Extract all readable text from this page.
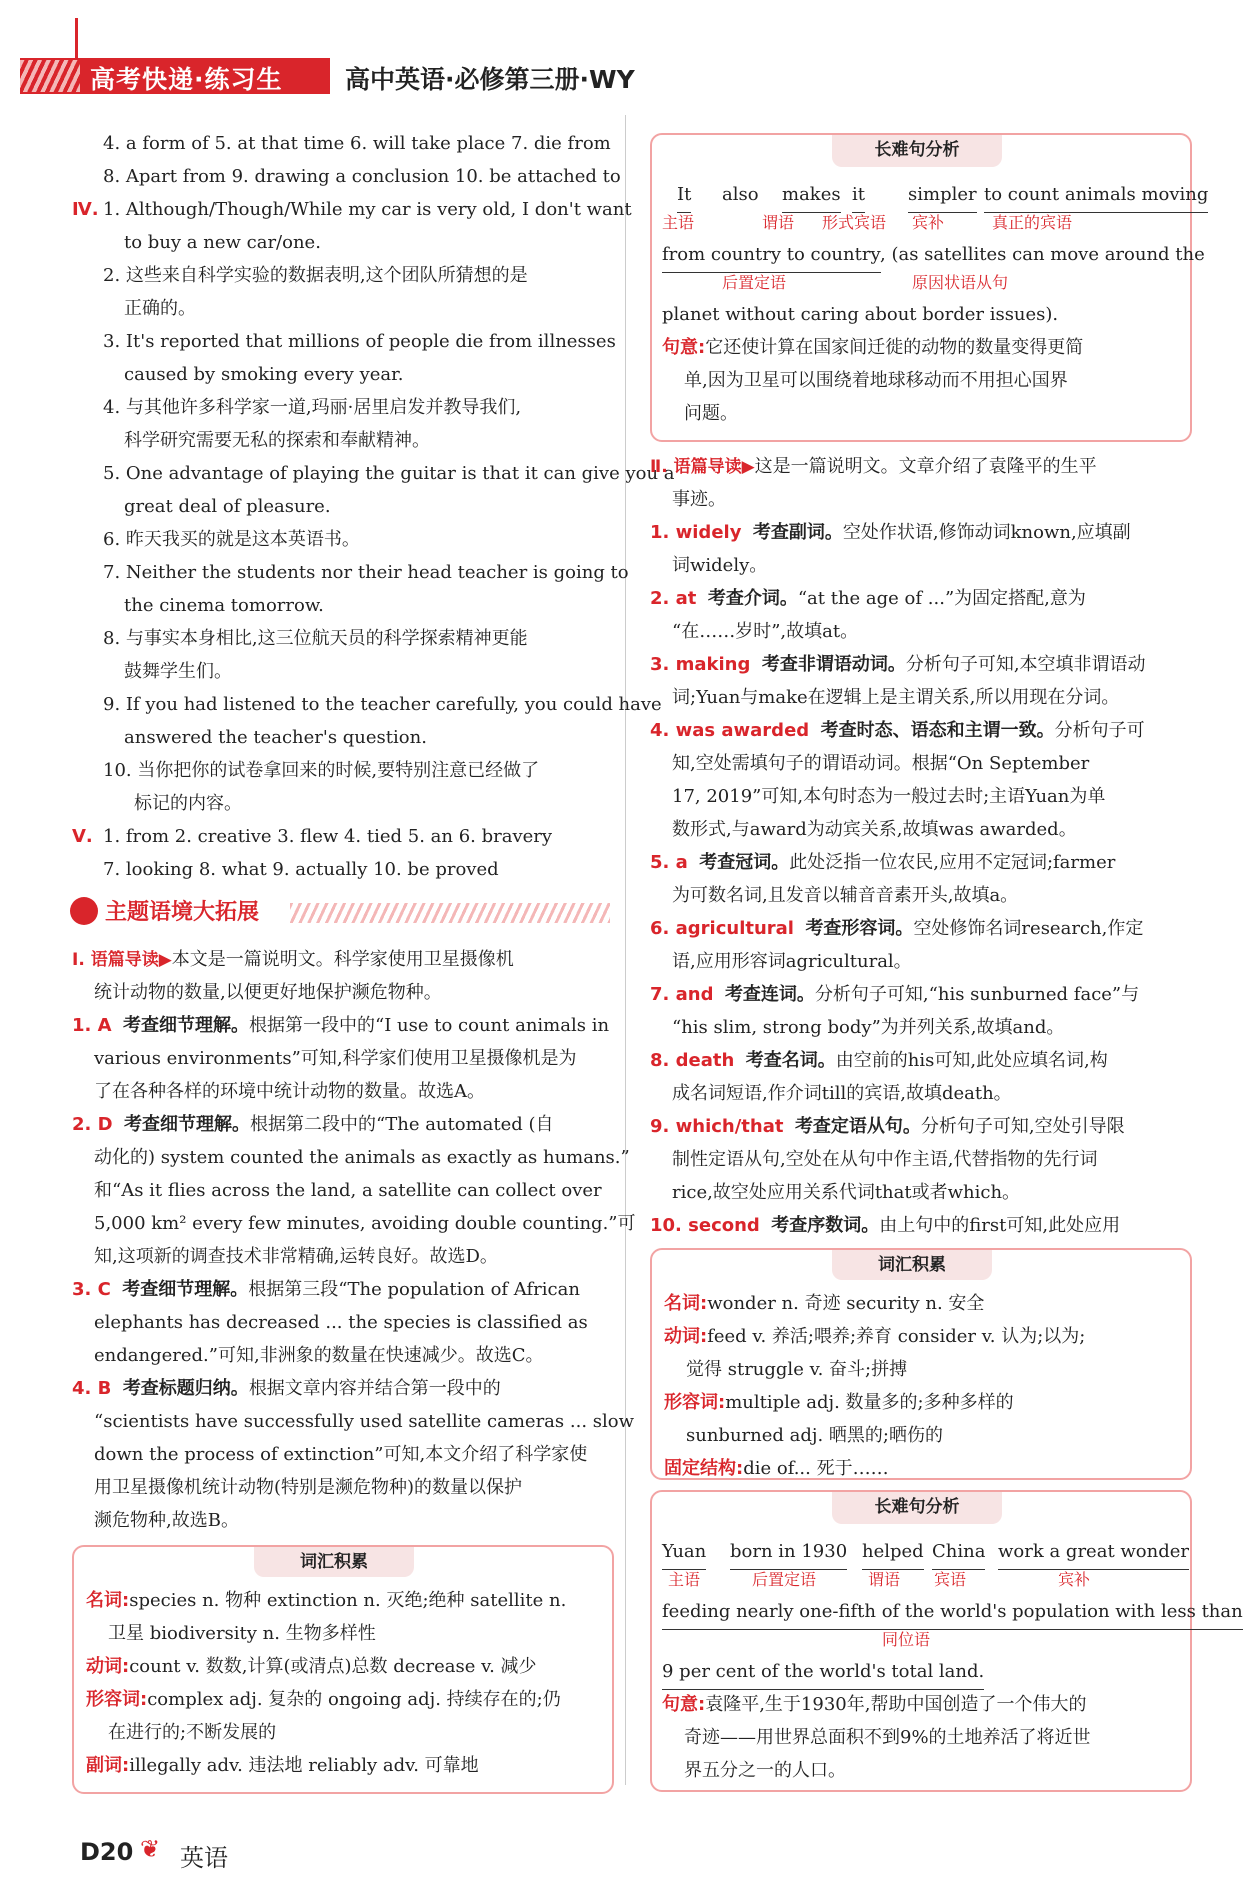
高考快递·练习生	高中英语·必修第三册·WY
4. a form of 5. at that time 6. will take place 7. die from
8. Apart from 9. drawing a conclusion 10. be attached to
Ⅳ. 1. Although/Though/While my car is very old, I don't want
to buy a new car/one.
2. 这些来自科学实验的数据表明,这个团队所猜想的是
正确的。
3. It's reported that millions of people die from illnesses
caused by smoking every year.
4. 与其他许多科学家一道,玛丽·居里启发并教导我们,
科学研究需要无私的探索和奉献精神。
5. One advantage of playing the guitar is that it can give you a
great deal of pleasure.
6. 昨天我买的就是这本英语书。
7. Neither the students nor their head teacher is going to
the cinema tomorrow.
8. 与事实本身相比,这三位航天员的科学探索精神更能
鼓舞学生们。
9. If you had listened to the teacher carefully, you could have
answered the teacher's question.
10. 当你把你的试卷拿回来的时候,要特别注意已经做了
标记的内容。
Ⅴ. 1. from 2. creative 3. flew 4. tied 5. an 6. bravery
7. looking 8. what 9. actually 10. be proved
主题语境大拓展
Ⅰ. 语篇导读▶本文是一篇说明文。科学家使用卫星摄像机
统计动物的数量,以便更好地保护濒危物种。
1. A 考查细节理解。根据第一段中的“I use to count animals in
various environments”可知,科学家们使用卫星摄像机是为
了在各种各样的环境中统计动物的数量。故选A。
2. D 考查细节理解。根据第二段中的“The automated (自
动化的) system counted the animals as exactly as humans.”
和“As it flies across the land, a satellite can collect over
5,000 km² every few minutes, avoiding double counting.”可
知,这项新的调查技术非常精确,运转良好。故选D。
3. C 考查细节理解。根据第三段“The population of African
elephants has decreased ... the species is classified as
endangered.”可知,非洲象的数量在快速减少。故选C。
4. B 考查标题归纳。根据文章内容并结合第一段中的
“scientists have successfully used satellite cameras ... slow
down the process of extinction”可知,本文介绍了科学家使
用卫星摄像机统计动物(特别是濒危物种)的数量以保护
濒危物种,故选B。
词汇积累
名词:species n. 物种 extinction n. 灭绝;绝种 satellite n.
卫星 biodiversity n. 生物多样性
动词:count v. 数数,计算(或清点)总数 decrease v. 减少
形容词:complex adj. 复杂的 ongoing adj. 持续存在的;仍
在进行的;不断发展的
副词:illegally adv. 违法地 reliably adv. 可靠地
长难句分析
It also makes it simpler to count animals moving
主语	谓语 形式宾语 宾补	真正的宾语
from country to country , (as satellites can move around the
后置定语	原因状语从句
planet without caring about border issues).
句意:它还使计算在国家间迁徙的动物的数量变得更简
单,因为卫星可以围绕着地球移动而不用担心国界
问题。
Ⅱ. 语篇导读▶这是一篇说明文。文章介绍了袁隆平的生平
事迹。
1. widely 考查副词。空处作状语,修饰动词known,应填副
词widely。
2. at 考查介词。“at the age of ...”为固定搭配,意为
“在……岁时”,故填at。
3. making 考查非谓语动词。分析句子可知,本空填非谓语动
词;Yuan与make在逻辑上是主谓关系,所以用现在分词。
4. was awarded 考查时态、语态和主谓一致。分析句子可
知,空处需填句子的谓语动词。根据“On September
17, 2019”可知,本句时态为一般过去时;主语Yuan为单
数形式,与award为动宾关系,故填was awarded。
5. a 考查冠词。此处泛指一位农民,应用不定冠词;farmer
为可数名词,且发音以辅音音素开头,故填a。
6. agricultural 考查形容词。空处修饰名词research,作定
语,应用形容词agricultural。
7. and 考查连词。分析句子可知,“his sunburned face”与
“his slim, strong body”为并列关系,故填and。
8. death 考查名词。由空前的his可知,此处应填名词,构
成名词短语,作介词till的宾语,故填death。
9. which/that 考查定语从句。分析句子可知,空处引导限
制性定语从句,空处在从句中作主语,代替指物的先行词
rice,故空处应用关系代词that或者which。
10. second 考查序数词。由上句中的first可知,此处应用
词汇积累
名词:wonder n. 奇迹 security n. 安全
动词:feed v. 养活;喂养;养育 consider v. 认为;以为;
觉得 struggle v. 奋斗;拼搏
形容词:multiple adj. 数量多的;多种多样的
sunburned adj. 晒黑的;晒伤的
固定结构:die of... 死于……
长难句分析
Yuan born in 1930 helped China work a great wonder
主语	后置定语	谓语 宾语	宾补
feeding nearly one-fifth of the world's population with less than
同位语
9 per cent of the world's total land.
句意:袁隆平,生于1930年,帮助中国创造了一个伟大的
奇迹——用世界总面积不到9%的土地养活了将近世
界五分之一的人口。
D20 ❦ 英语
